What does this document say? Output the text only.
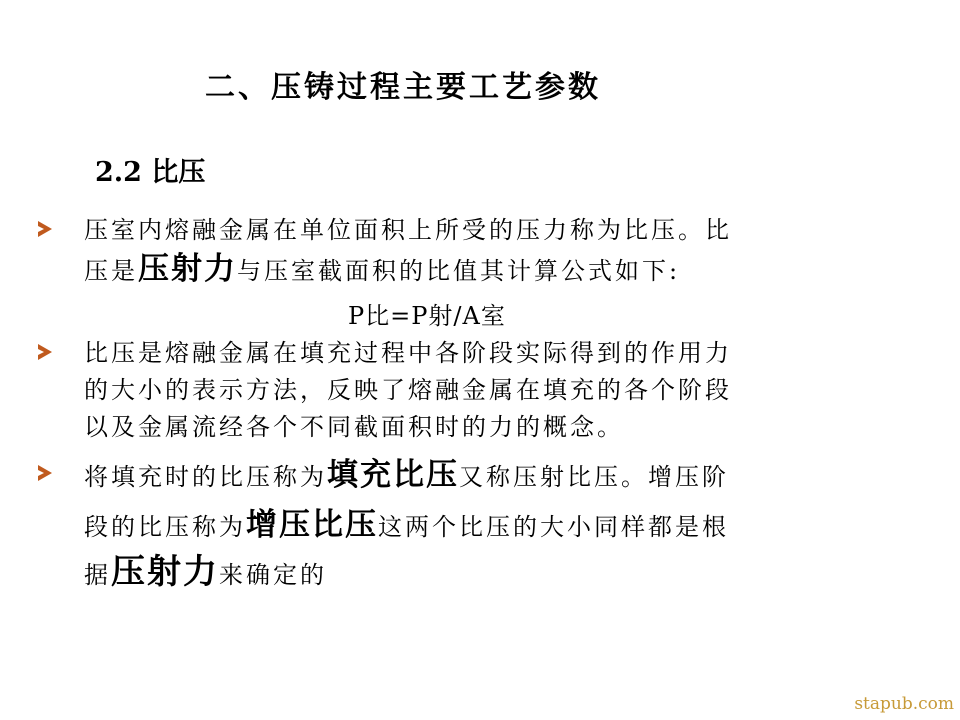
二、压铸过程主要工艺参数
2.2 比压
压室内熔融金属在单位面积上所受的压力称为比压。比
压是压射力与压室截面积的比值其计算公式如下:
P比=P射/A室
比压是熔融金属在填充过程中各阶段实际得到的作用力
的大小的表示方法，反映了熔融金属在填充的各个阶段
以及金属流经各个不同截面积时的力的概念。
将填充时的比压称为填充比压又称压射比压。增压阶
段的比压称为增压比压这两个比压的大小同样都是根
据压射力来确定的
stapub.com
